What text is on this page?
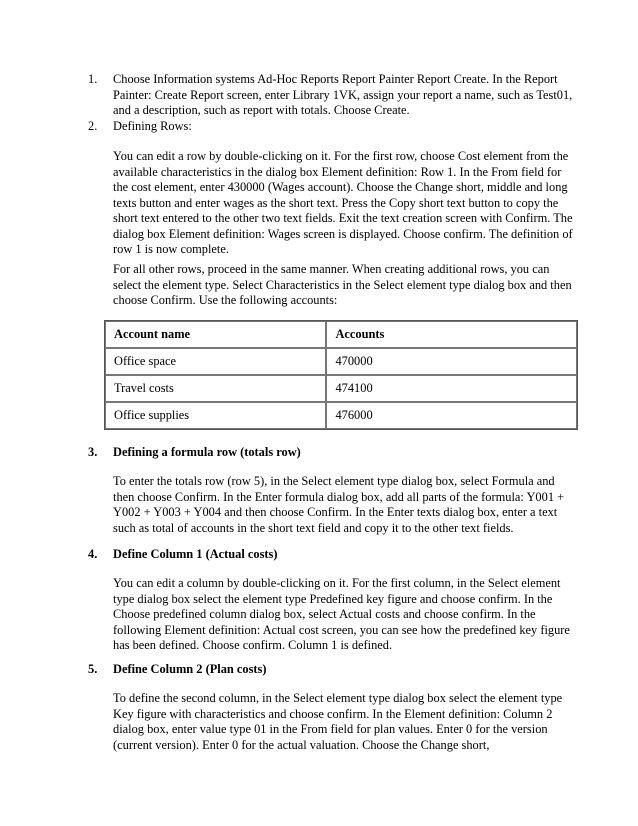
1.	Choose Information systems Ad-Hoc Reports Report Painter Report Create. In the Report Painter: Create Report screen, enter Library 1VK, assign your report a name, such as Test01, and a description, such as report with totals. Choose Create.

2.	Defining Rows:

You can edit a row by double-clicking on it. For the first row, choose Cost element from the available characteristics in the dialog box Element definition: Row 1. In the From field for the cost element, enter 430000 (Wages account). Choose the Change short, middle and long texts button and enter wages as the short text. Press the Copy short text button to copy the short text entered to the other two text fields. Exit the text creation screen with Confirm. The dialog box Element definition: Wages screen is displayed. Choose confirm. The definition of row 1 is now complete.

For all other rows, proceed in the same manner. When creating additional rows, you can select the element type. Select Characteristics in the Select element type dialog box and then choose Confirm. Use the following accounts:

Account name	Accounts
Office space	470000
Travel costs	474100
Office supplies	476000
3.	Defining a formula row (totals row)

To enter the totals row (row 5), in the Select element type dialog box, select Formula and then choose Confirm. In the Enter formula dialog box, add all parts of the formula: Y001 + Y002 + Y003 + Y004 and then choose Confirm. In the Enter texts dialog box, enter a text such as total of accounts in the short text field and copy it to the other text fields.

4.	Define Column 1 (Actual costs)

You can edit a column by double-clicking on it. For the first column, in the Select element type dialog box select the element type Predefined key figure and choose confirm. In the Choose predefined column dialog box, select Actual costs and choose confirm. In the following Element definition: Actual cost screen, you can see how the predefined key figure has been defined. Choose confirm. Column 1 is defined.

5.	Define Column 2 (Plan costs)

To define the second column, in the Select element type dialog box select the element type Key figure with characteristics and choose confirm. In the Element definition: Column 2 dialog box, enter value type 01 in the From field for plan values. Enter 0 for the version (current version). Enter 0 for the actual valuation. Choose the Change short,
